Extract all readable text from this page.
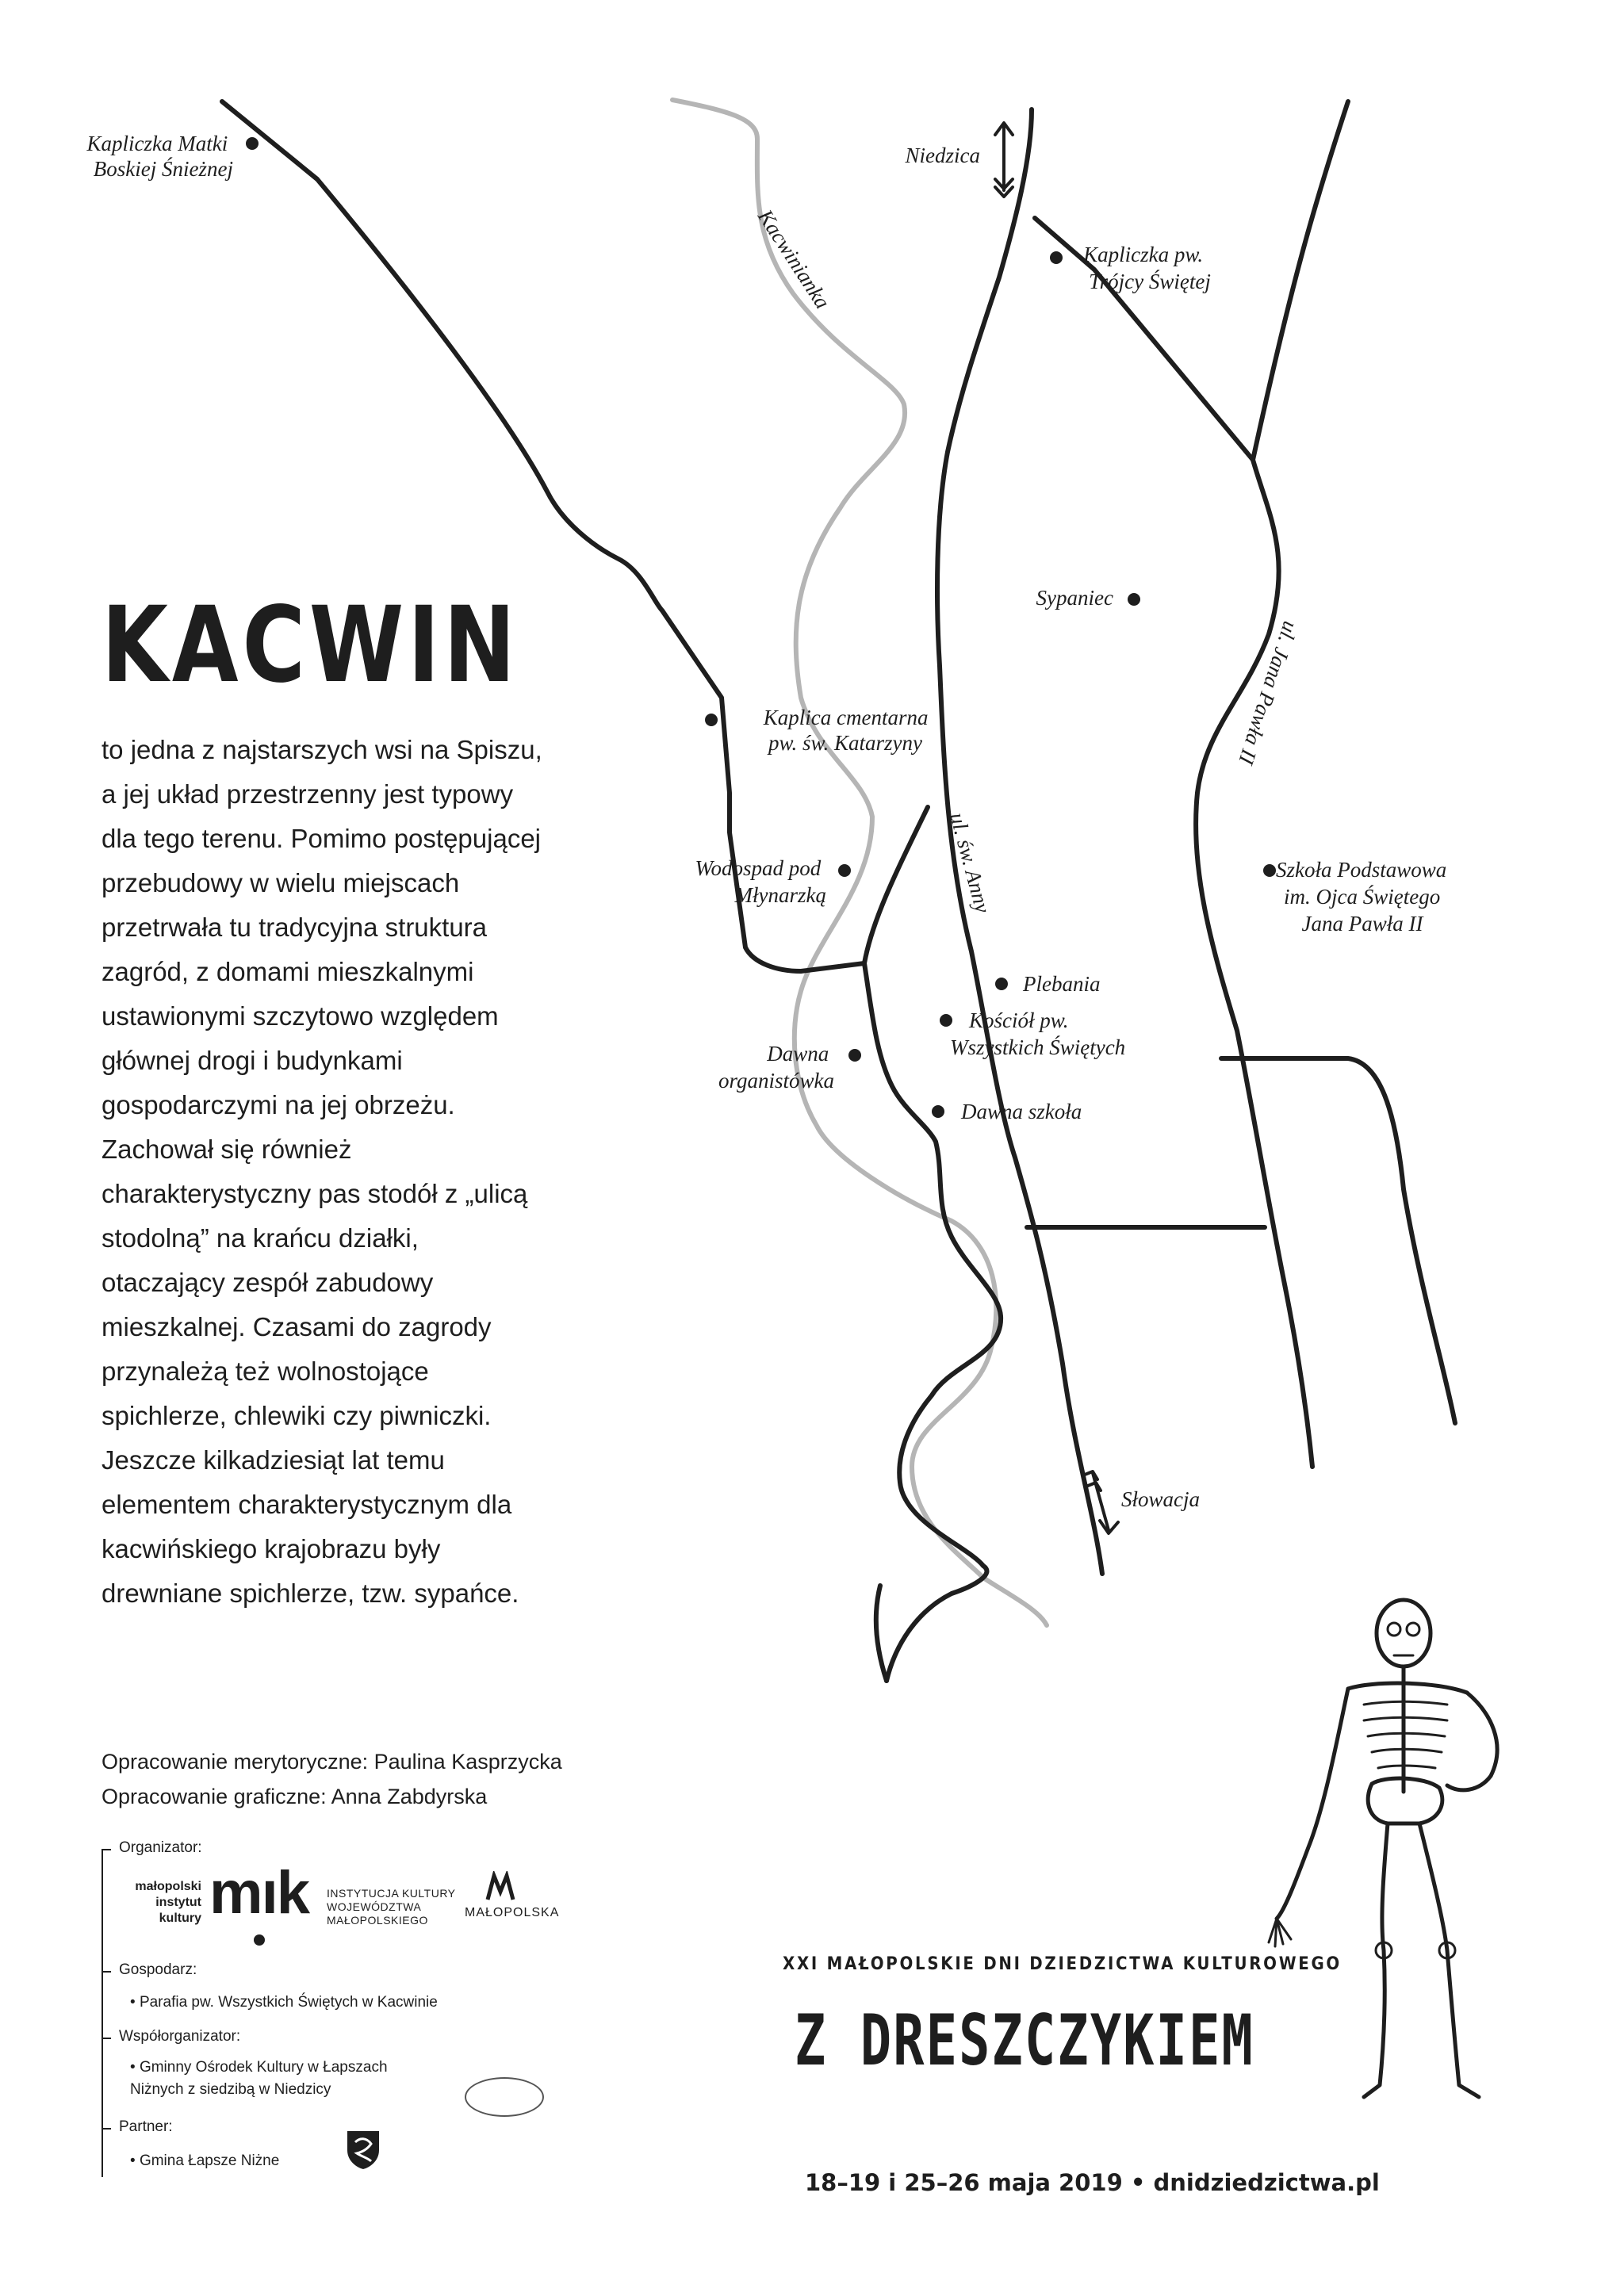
Kapliczka Matki Boskiej Śnieżnej
Niedzica
Kapliczka pw. Trójcy Świętej
Sypaniec
Kaplica cmentarna pw. św. Katarzyny
Wodospad pod Młynarzką
Szkoła Podstawowa im. Ojca Świętego Jana Pawła II
Plebania
Kościół pw. Wszystkich Świętych
Dawna organistówka
Dawna szkoła
Słowacja
ul. św. Anny
ul. Jana Pawła II
Kacwinianka
KACWIN

to jedna z najstarszych wsi na Spiszu, a jej układ przestrzenny jest typowy dla tego terenu. Pomimo postępującej przebudowy w wielu miejscach przetrwała tu tradycyjna struktura zagród, z domami mieszkalnymi ustawionymi szczytowo względem głównej drogi i budynkami gospodarczymi na jej obrzeżu. Zachował się również charakterystyczny pas stodół z „ulicą stodolną” na krańcu działki, otaczający zespół zabudowy mieszkalnej. Czasami do zagrody przynależą też wolnostojące spichlerze, chlewiki czy piwniczki. Jeszcze kilkadziesiąt lat temu elementem charakterystycznym dla kacwińskiego krajobrazu były drewniane spichlerze, tzw. sypańce.

Opracowanie merytoryczne: Paulina Kasprzycka
Opracowanie graficzne: Anna Zabdyrska
Organizator:
małopolski
instytut
kultury mık INSTYTUCJA KULTURY
WOJEWÓDZTWA
MAŁOPOLSKIEGO
MAŁOPOLSKA
Gospodarz:
• Parafia pw. Wszystkich Świętych w Kacwinie
Współorganizator:
• Gminny Ośrodek Kultury w Łapszach
Niżnych z siedzibą w Niedzicy
Partner:
• Gmina Łapsze Niżne
XXI MAŁOPOLSKIE DNI DZIEDZICTWA KULTUROWEGO
Z DRESZCZYKIEM

18–19 i 25–26 maja 2019 • dnidziedzictwa.pl
